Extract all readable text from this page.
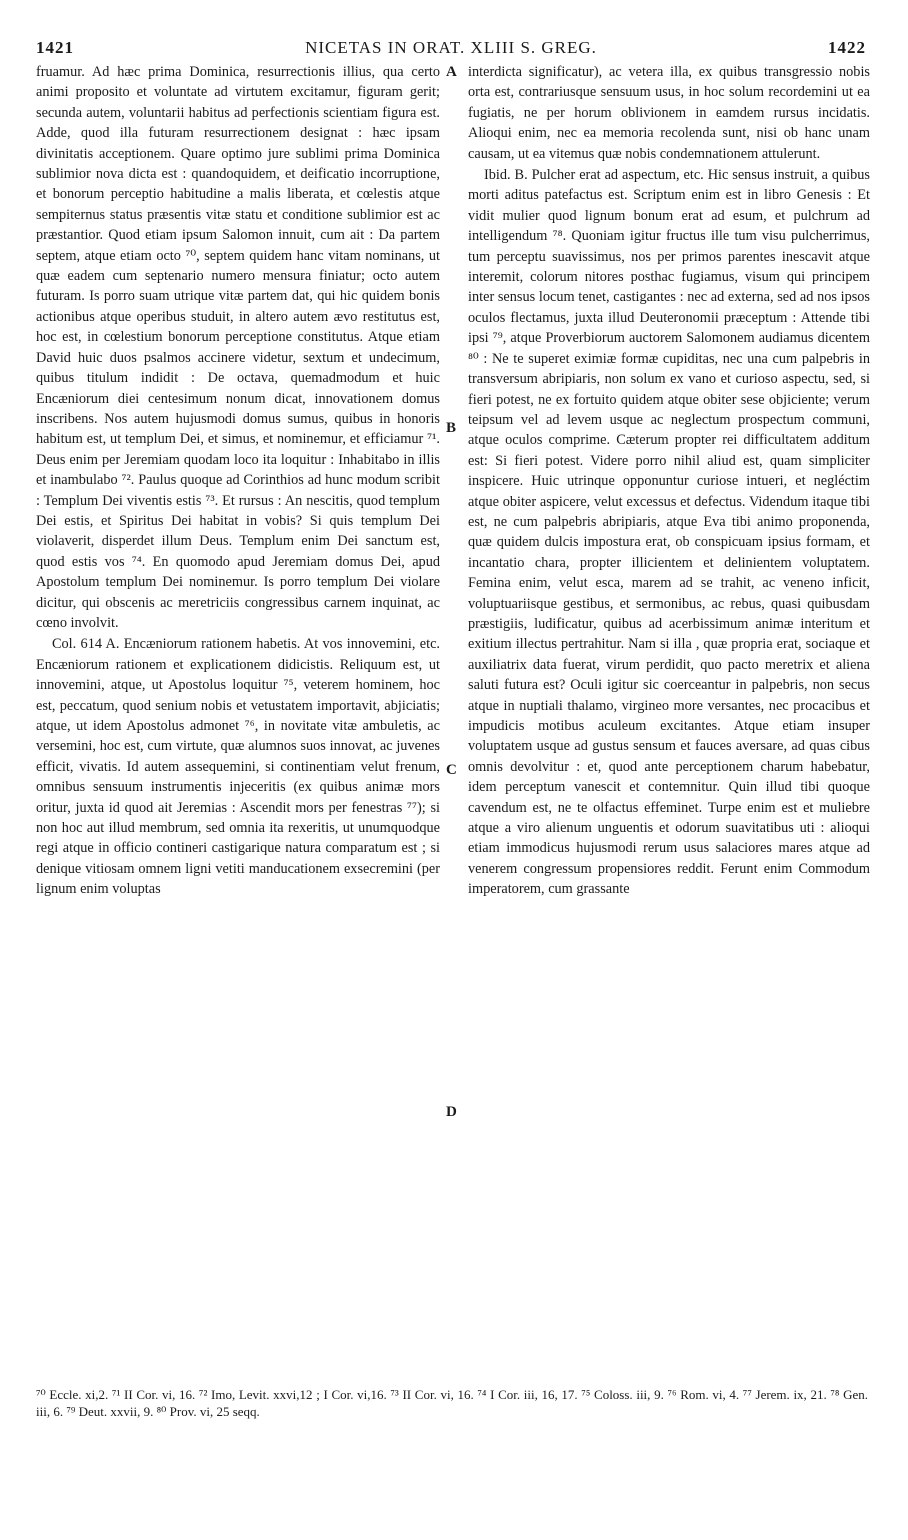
1421	NICETAS IN ORAT. XLIII S. GREG.	1422

fruamur. Ad hæc prima Dominica, resurrectionis illius, qua certo animi proposito et voluntate ad virtutem excitamur, figuram gerit; secunda autem, voluntarii habitus ad perfectionis scientiam figura est. Adde, quod illa futuram resurrectionem designat : hæc ipsam divinitatis acceptionem. Quare optimo jure sublimi prima Dominica sublimior nova dicta est : quandoquidem, et deificatio incorruptione, et bonorum perceptio habitudine a malis liberata, et cœlestis atque sempiternus status præsentis vitæ statu et conditione sublimior est ac præstantior. Quod etiam ipsum Salomon innuit, cum ait : Da partem septem, atque etiam octo ⁷⁰, septem quidem hanc vitam nominans, ut quæ eadem cum septenario numero mensura finiatur; octo autem futuram. Is porro suam utrique vitæ partem dat, qui hic quidem bonis actionibus atque operibus studuit, in altero autem ævo restitutus est, hoc est, in cœlestium bonorum perceptione constitutus. Atque etiam David huic duos psalmos accinere videtur, sextum et undecimum, quibus titulum indidit : De octava, quemadmodum et huic Encæniorum diei centesimum nonum dicat, innovationem domus inscribens. Nos autem hujusmodi domus sumus, quibus in honoris habitum est, ut templum Dei, et simus, et nominemur, et efficiamur ⁷¹. Deus enim per Jeremiam quodam loco ita loquitur : Inhabitabo in illis et inambulabo ⁷². Paulus quoque ad Corinthios ad hunc modum scribit : Templum Dei viventis estis ⁷³. Et rursus : An nescitis, quod templum Dei estis, et Spiritus Dei habitat in vobis? Si quis templum Dei violaverit, disperdet illum Deus. Templum enim Dei sanctum est, quod estis vos ⁷⁴. En quomodo apud Jeremiam domus Dei, apud Apostolum templum Dei nominemur. Is porro templum Dei violare dicitur, qui obscenis ac meretriciis congressibus carnem inquinat, ac cœno involvit.

Col. 614 A. Encæniorum rationem habetis. At vos innovemini, etc. Encæniorum rationem et explicationem didicistis. Reliquum est, ut innovemini, atque, ut Apostolus loquitur ⁷⁵, veterem hominem, hoc est, peccatum, quod senium nobis et vetustatem importavit, abjiciatis; atque, ut idem Apostolus admonet ⁷⁶, in novitate vitæ ambuletis, ac versemini, hoc est, cum virtute, quæ alumnos suos innovat, ac juvenes efficit, vivatis. Id autem assequemini, si continentiam velut frenum, omnibus sensuum instrumentis injeceritis (ex quibus animæ mors oritur, juxta id quod ait Jeremias : Ascendit mors per fenestras ⁷⁷); si non hoc aut illud membrum, sed omnia ita rexeritis, ut unumquodque regi atque in officio contineri castigarique natura comparatum est ; si denique vitiosam omnem ligni vetiti manducationem exsecremini (per lignum enim voluptas

A
B
C
D

interdicta significatur), ac vetera illa, ex quibus transgressio nobis orta est, contrariusque sensuum usus, in hoc solum recordemini ut ea fugiatis, ne per horum oblivionem in eamdem rursus incidatis. Alioqui enim, nec ea memoria recolenda sunt, nisi ob hanc unam causam, ut ea vitemus quæ nobis condemnationem attulerunt.

Ibid. B. Pulcher erat ad aspectum, etc. Hic sensus instruit, a quibus morti aditus patefactus est. Scriptum enim est in libro Genesis : Et vidit mulier quod lignum bonum erat ad esum, et pulchrum ad intelligendum ⁷⁸. Quoniam igitur fructus ille tum visu pulcherrimus, tum perceptu suavissimus, nos per primos parentes inescavit atque interemit, colorum nitores posthac fugiamus, visum qui principem inter sensus locum tenet, castigantes : nec ad externa, sed ad nos ipsos oculos flectamus, juxta illud Deuteronomii præceptum : Attende tibi ipsi ⁷⁹, atque Proverbiorum auctorem Salomonem audiamus dicentem ⁸⁰ : Ne te superet eximiæ formæ cupiditas, nec una cum palpebris in transversum abripiaris, non solum ex vano et curioso aspectu, sed, si fieri potest, ne ex fortuito quidem atque obiter sese objiciente; verum teipsum vel ad levem usque ac neglectum prospectum communi, atque oculos comprime. Cæterum propter rei difficultatem additum est: Si fieri potest. Videre porro nihil aliud est, quam simpliciter inspicere. Huic utrinque opponuntur curiose intueri, et negléctim atque obiter aspicere, velut excessus et defectus. Videndum itaque tibi est, ne cum palpebris abripiaris, atque Eva tibi animo proponenda, quæ quidem dulcis impostura erat, ob conspicuam ipsius formam, et incantatio chara, propter illicientem et delinientem voluptatem. Femina enim, velut esca, marem ad se trahit, ac veneno inficit, voluptuariisque gestibus, et sermonibus, ac rebus, quasi quibusdam præstigiis, ludificatur, quibus ad acerbissimum animæ interitum et exitium illectus pertrahitur. Nam si illa , quæ propria erat, sociaque et auxiliatrix data fuerat, virum perdidit, quo pacto meretrix et aliena saluti futura est? Oculi igitur sic coerceantur in palpebris, non secus atque in nuptiali thalamo, virgineo more versantes, nec procacibus et impudicis motibus aculeum excitantes. Atque etiam insuper voluptatem usque ad gustus sensum et fauces aversare, ad quas cibus omnis devolvitur : et, quod ante perceptionem charum habebatur, idem perceptum vanescit et contemnitur. Quin illud tibi quoque cavendum est, ne te olfactus effeminet. Turpe enim est et muliebre atque a viro alienum unguentis et odorum suavitatibus uti : alioqui etiam immodicus hujusmodi rerum usus salaciores mares atque ad venerem congressum propensiores reddit. Ferunt enim Commodum imperatorem, cum grassante

⁷⁰ Eccle. xi,2. ⁷¹ II Cor. vi, 16. ⁷² Imo, Levit. xxvi,12 ; I Cor. vi,16. ⁷³ II Cor. vi, 16. ⁷⁴ I Cor. iii, 16, 17. ⁷⁵ Coloss. iii, 9. ⁷⁶ Rom. vi, 4. ⁷⁷ Jerem. ix, 21. ⁷⁸ Gen. iii, 6. ⁷⁹ Deut. xxvii, 9. ⁸⁰ Prov. vi, 25 seqq.
